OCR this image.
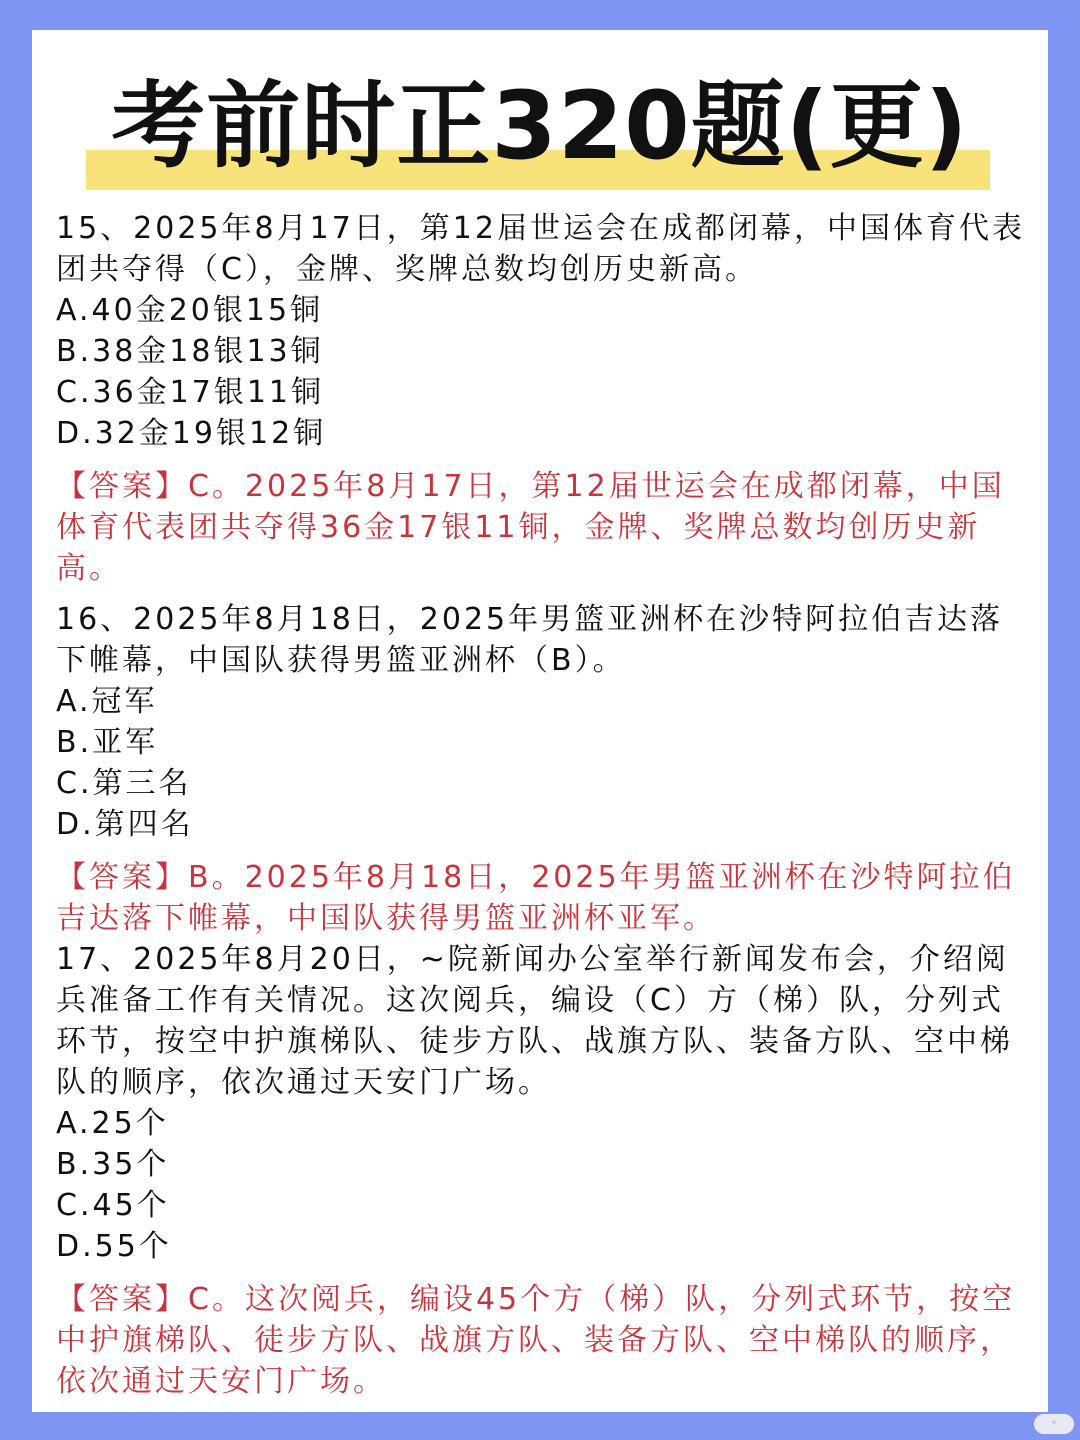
考前时正320题(更)

15、2025年8月17日，第12届世运会在成都闭幕，中国体育代表团共夺得（C），金牌、奖牌总数均创历史新高。

A.40金20银15铜

B.38金18银13铜

C.36金17银11铜

D.32金19银12铜

【答案】C。2025年8月17日，第12届世运会在成都闭幕，中国体育代表团共夺得36金17银11铜，金牌、奖牌总数均创历史新高。

16、2025年8月18日，2025年男篮亚洲杯在沙特阿拉伯吉达落下帷幕，中国队获得男篮亚洲杯（B）。

A.冠军

B.亚军

C.第三名

D.第四名

【答案】B。2025年8月18日，2025年男篮亚洲杯在沙特阿拉伯吉达落下帷幕，中国队获得男篮亚洲杯亚军。

17、2025年8月20日，~院新闻办公室举行新闻发布会，介绍阅兵准备工作有关情况。这次阅兵，编设（C）方（梯）队，分列式环节，按空中护旗梯队、徒步方队、战旗方队、装备方队、空中梯队的顺序，依次通过天安门广场。

A.25个

B.35个

C.45个

D.55个

【答案】C。这次阅兵，编设45个方（梯）队，分列式环节，按空中护旗梯队、徒步方队、战旗方队、装备方队、空中梯队的顺序，依次通过天安门广场。

✦
